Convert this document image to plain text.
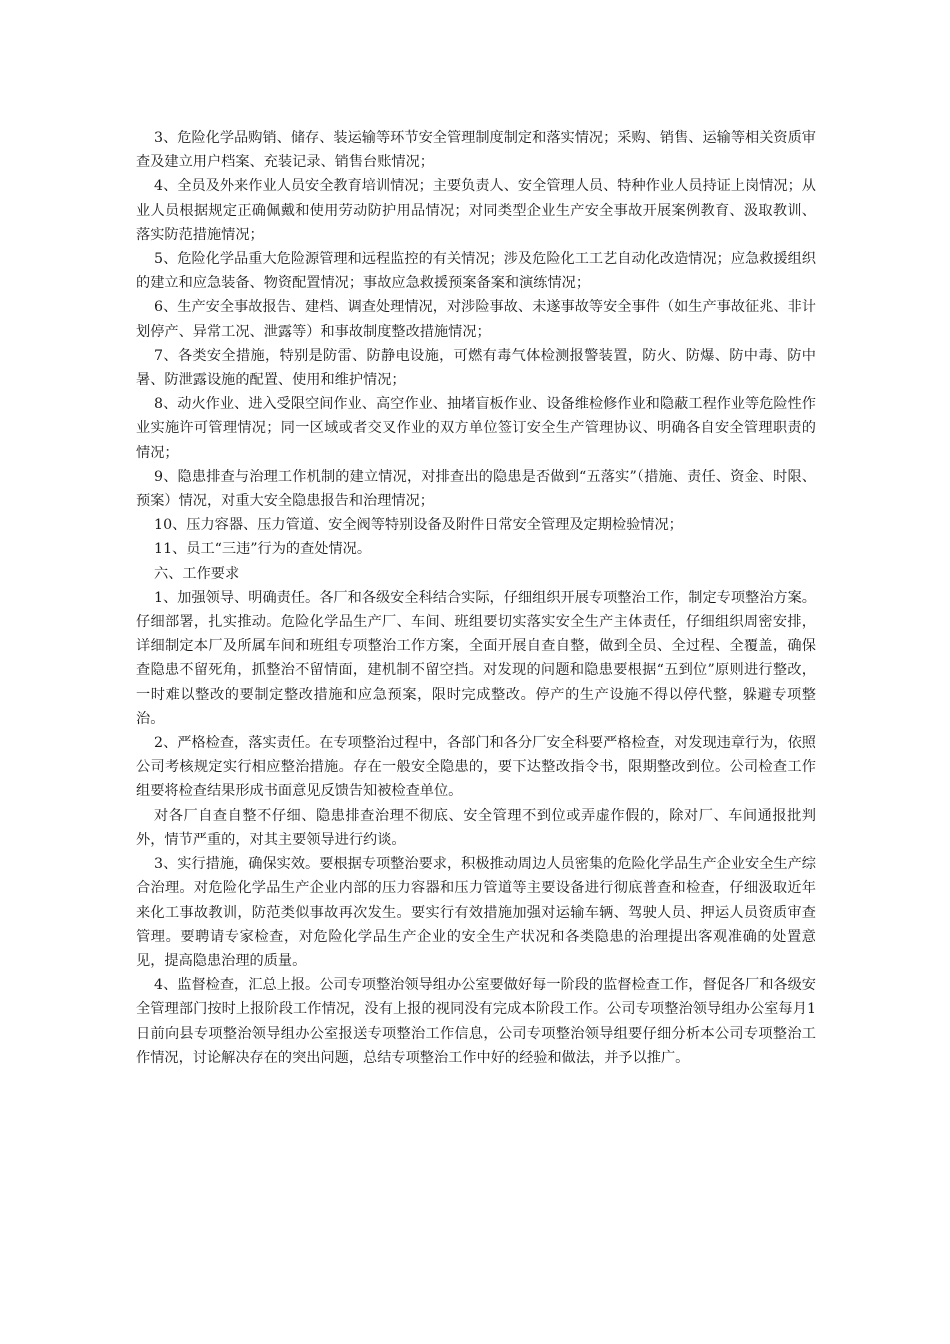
3、危险化学品购销、储存、装运输等环节安全管理制度制定和落实情况；采购、销售、运输等相关资质审查及建立用户档案、充装记录、销售台账情况；

4、全员及外来作业人员安全教育培训情况；主要负责人、安全管理人员、特种作业人员持证上岗情况；从业人员根据规定正确佩戴和使用劳动防护用品情况；对同类型企业生产安全事故开展案例教育、汲取教训、落实防范措施情况；

5、危险化学品重大危险源管理和远程监控的有关情况；涉及危险化工工艺自动化改造情况；应急救援组织的建立和应急装备、物资配置情况；事故应急救援预案备案和演练情况；

6、生产安全事故报告、建档、调查处理情况，对涉险事故、未遂事故等安全事件（如生产事故征兆、非计划停产、异常工况、泄露等）和事故制度整改措施情况；

7、各类安全措施，特别是防雷、防静电设施，可燃有毒气体检测报警装置，防火、防爆、防中毒、防中暑、防泄露设施的配置、使用和维护情况；

8、动火作业、进入受限空间作业、高空作业、抽堵盲板作业、设备维检修作业和隐蔽工程作业等危险性作业实施许可管理情况；同一区域或者交叉作业的双方单位签订安全生产管理协议、明确各自安全管理职责的情况；

9、隐患排查与治理工作机制的建立情况，对排查出的隐患是否做到“五落实”（措施、责任、资金、时限、预案）情况，对重大安全隐患报告和治理情况；

10、压力容器、压力管道、安全阀等特别设备及附件日常安全管理及定期检验情况；

11、员工“三违”行为的查处情况。

六、工作要求

1、加强领导、明确责任。各厂和各级安全科结合实际，仔细组织开展专项整治工作，制定专项整治方案。仔细部署，扎实推动。危险化学品生产厂、车间、班组要切实落实安全生产主体责任，仔细组织周密安排，详细制定本厂及所属车间和班组专项整治工作方案，全面开展自查自整，做到全员、全过程、全覆盖，确保查隐患不留死角，抓整治不留情面，建机制不留空挡。对发现的问题和隐患要根据“五到位”原则进行整改，一时难以整改的要制定整改措施和应急预案，限时完成整改。停产的生产设施不得以停代整，躲避专项整治。

2、严格检查，落实责任。在专项整治过程中，各部门和各分厂安全科要严格检查，对发现违章行为，依照公司考核规定实行相应整治措施。存在一般安全隐患的，要下达整改指令书，限期整改到位。公司检查工作组要将检查结果形成书面意见反馈告知被检查单位。

对各厂自查自整不仔细、隐患排查治理不彻底、安全管理不到位或弄虚作假的，除对厂、车间通报批判外，情节严重的，对其主要领导进行约谈。

3、实行措施，确保实效。要根据专项整治要求，积极推动周边人员密集的危险化学品生产企业安全生产综合治理。对危险化学品生产企业内部的压力容器和压力管道等主要设备进行彻底普查和检查，仔细汲取近年来化工事故教训，防范类似事故再次发生。要实行有效措施加强对运输车辆、驾驶人员、押运人员资质审查管理。要聘请专家检查，对危险化学品生产企业的安全生产状况和各类隐患的治理提出客观准确的处置意见，提高隐患治理的质量。

4、监督检查，汇总上报。公司专项整治领导组办公室要做好每一阶段的监督检查工作，督促各厂和各级安全管理部门按时上报阶段工作情况，没有上报的视同没有完成本阶段工作。公司专项整治领导组办公室每月1日前向县专项整治领导组办公室报送专项整治工作信息，公司专项整治领导组要仔细分析本公司专项整治工作情况，讨论解决存在的突出问题，总结专项整治工作中好的经验和做法，并予以推广。
